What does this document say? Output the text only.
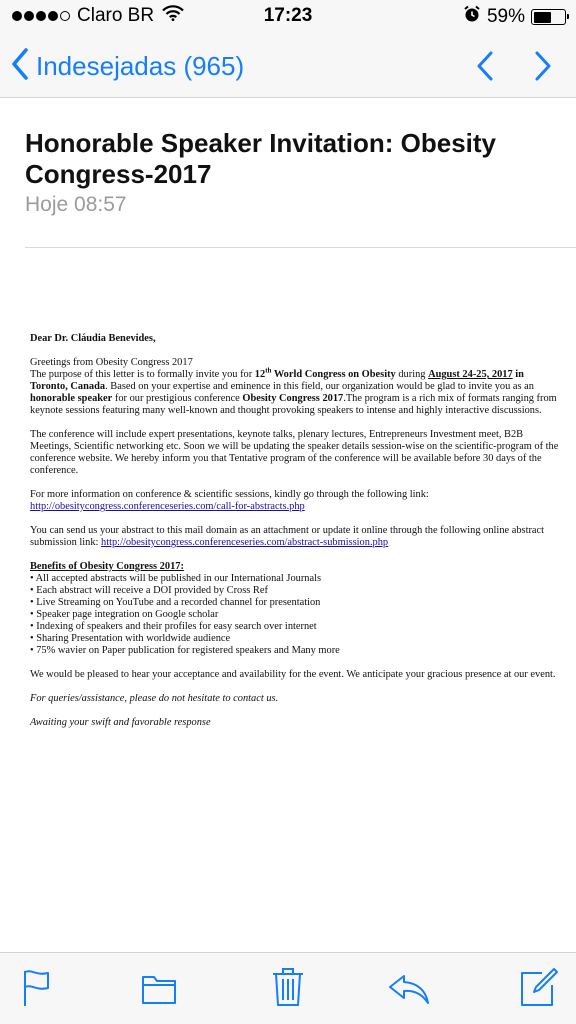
Claro BR	17:23	59%
Indesejadas (965)
Honorable Speaker Invitation: Obesity Congress-2017
Hoje 08:57

Dear Dr. Cláudia Benevides,

Greetings from Obesity Congress 2017

The purpose of this letter is to formally invite you for 12th World Congress on Obesity during August 24-25, 2017 in Toronto, Canada. Based on your expertise and eminence in this field, our organization would be glad to invite you as an honorable speaker for our prestigious conference Obesity Congress 2017.The program is a rich mix of formats ranging from keynote sessions featuring many well-known and thought provoking speakers to intense and highly interactive discussions.

The conference will include expert presentations, keynote talks, plenary lectures, Entrepreneurs Investment meet, B2B Meetings, Scientific networking etc. Soon we will be updating the speaker details session-wise on the scientific-program of the conference website. We hereby inform you that Tentative program of the conference will be available before 30 days of the conference.

For more information on conference & scientific sessions, kindly go through the following link:
http://obesitycongress.conferenceseries.com/call-for-abstracts.php

You can send us your abstract to this mail domain as an attachment or update it online through the following online abstract submission link: http://obesitycongress.conferenceseries.com/abstract-submission.php

Benefits of Obesity Congress 2017:

• All accepted abstracts will be published in our International Journals

• Each abstract will receive a DOI provided by Cross Ref

• Live Streaming on YouTube and a recorded channel for presentation

• Speaker page integration on Google scholar

• Indexing of speakers and their profiles for easy search over internet

• Sharing Presentation with worldwide audience

• 75% wavier on Paper publication for registered speakers and Many more

We would be pleased to hear your acceptance and availability for the event. We anticipate your gracious presence at our event.

For queries/assistance, please do not hesitate to contact us.

Awaiting your swift and favorable response
